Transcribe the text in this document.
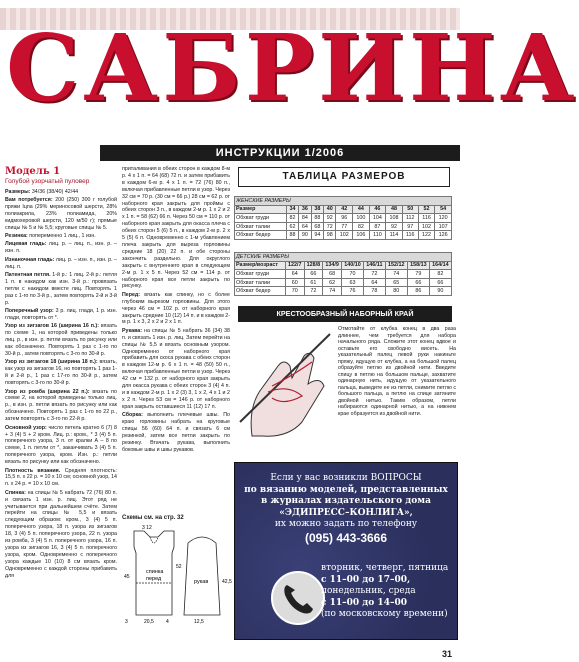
САБРИНА
ИНСТРУКЦИИ 1/2006
Модель 1
Голубой узорчатый пуловер
Размеры: 34/36 (38/40) 42/44
Вам потребуется: 200 (250) 300 г голубой пряжи Іцпа (29% мериносовой шерсти, 28% полиакрила, 23% полиамида, 20% кидмохеровой шерсти, 120 м/50 г); прямые спицы № 5 и № 5,5; круговые спицы № 5.
Резинка: попеременно 1 лиц., 1 изн.
Лицевая гладь: лиц. р. – лиц. п., изн. р. – изн. п.
Изнаночная гладь: лиц. р. – изн. п., изн. р. – лиц. п.
Патентная петля. 1-й р.: 1 лиц. 2-й р.: петля 1 п. в накидом как изн. 3-й р.: провязать петли с накидом вместе лиц. Повторять 1 раз с 1-го по 3-й р., затем повторять 2-й и 3-й р.
Поперечный узор: 3 р. лиц. глади, 1 р. изн. глади, повторять от *.
Узор из зигзагов 16 (ширина 16 п.): вязать по схеме 1, на которой приведены только лиц. р., в изн. р. петли вязать по рисунку или как обозначено. Повторять 1 раз с 1-го по 30-й р., затем повторять с 3-го по 30-й р.
Узор из зигзагов 18 (ширина 18 п.): вязать, как узор из зигзагов 16, но повторять 1 раз 1-й и 2-й р., 1 раз с 17-го по 30-й р., затем повторять с 3-го по 30-й р.
Узор из ромба (ширина 22 п.): вязать по схеме 2, на которой приведены только лиц. р., в изн. р. петли вязать по рисунку или как обозначено. Повторять 1 раз с 1-го по 22 р., затем повторять с 3-го по 22-й р.
Основной узор: число петель кратно 6 (7) 8 + 3 (4) 5 + 2 кром. Лиц. р.: кром., * 3 (4) 5 п. поперечного узора, 3 п. от кралки А – 8 по схеме, 1 п. петли от *, заканчивать 3 (4) 5 п. поперечного узора, кром. Изн. р.: петли вязать по рисунку или как обозначено.
Плотность вязания. Средняя плотность: 15,5 п. х 22 р. = 10 х 10 см; основной узор, 14 п. х 24 р. = 10 х 10 см.
Спинка: на спицы № 5 набрать 72 (76) 80 п. и связать 1 изн. р. лиц. Этот ряд не учитывается при дальнейшем счёте. Затем перейти на спицы № 5,5 и вязать следующим образом: кром., 3 (4) 5 п. поперечного узора, 18 п. узора из зигзагов 18, 3 (4) 5 п. поперечного узора, 22 п. узора из ромба, 3 (4) 5 п. поперечного узора, 16 п. узора из зигзагов 16, 3 (4) 5 п. поперечного узора, кром. Одновременно с поперечного узора каждые 10 (10) 8 см вязать кром. Одновременно с каждой стороны прибавить для
приталивания в обеих сторон в каждом 8-м р. 4 х 1 п. = 64 (68) 72 п. и затем прибавить в каждом 6-м р. 4 х 1 п. = 72 (76) 80 п., включая прибавленные петли в узор. Через 32 см = 70 р. (30 см = 66 р.) 28 см = 62 р. от наборного края закрыть для проймы с обеих сторон 3 п., в каждом 2-м р. 1 х 2 и 2 х 1 п. = 58 (62) 66 п. Через 50 см = 110 р. от наборного края закрыть для окасса плеча с обеих сторон 5 (6) 5 п., в каждом 2-м р. 2 х 5 (5) 6 п. Одновременно с 1-м убавлением плеча закрыть для выреза горловины средние 18 (20) 22 п. и обе стороны закончить раздельно. Для округлого закрыть с внутреннего края в следующем 2-м р. 1 х 5 п. Через 52 см = 114 р. от наборного края все петли закрыть по рисунку.
Перед: вязать как спинку, но с более глубоким вырезом горловины. Для этого через 46 см = 102 р. от наборного края закрыть средние 10 (12) 14 п. и в каждом 2-м р. 1 х 3, 2 х 2 и 2 х 1 п.
Рукава: на спицы № 5 набрать 36 (34) 38 п. и связать 1 изн. р. лиц. Затем перейти на спицы № 5,5 и вязать основным узором. Одновременно от наборного края прибавить для скоса рукава с обеих сторон в каждом 12-м р. 6 х 1 п. = 48 (50) 50 п., включая прибавленные петли в узор. Через 42 см = 132 р. от наборного края закрыть для окасса рукава с обеих сторон 3 (4) 4 п. и в каждом 2-м р. 1 х 2 (3) 3, 1 х 2, 4 х 1 и 2 х 2 п. Через 53 см = 146 р. от наборного края закрыть оставшиеся 11 (12) 17 п.
Сборка: выполнить плечевые швы. По краю горловины набрать на круговые спицы 56 (60) 64 п. и связать 6 см резинкой, затем все петли закрыть по резинку. Втачать рукава, выполнить боковые швы и швы рукавов.
Схемы см. на стр. 32
спинка
перед	рукав
45
52
42,5
20,5
3	4	12,5
3 12
ТАБЛИЦА РАЗМЕРОВ
ЖЕНСКИЕ РАЗМЕРЫ											
Размер	34	36	38	40	42	44	46	48	50	52	54
Обхват груди	82	84	88	92	96	100	104	108	112	116	120
Обхват талии	62	64	68	72	77	82	87	92	97	102	107
Обхват бедер	88	90	94	98	102	106	110	114	116	122	126
ДЕТСКИЕ РАЗМЕРЫ								
Размер/возраст	122/7	128/8	134/9	140/10	146/11	152/12	158/13	164/14
Обхват груди	64	66	68	70	72	74	79	82
Обхват талии	60	61	62	63	64	65	66	66
Обхват бедер	70	72	74	76	78	80	86	90
КРЕСТООБРАЗНЫЙ НАБОРНЫЙ КРАЙ
Отмотайте от клубка конец в два раза длиннее, чем требуется для набора начального ряда. Сложите этот конец вдвое и оставьте его свободно висеть. На указательный палец левой руки накиньте пряжу, идущую от клубка, а на большой палец образуйте петлю из двойной нити. Введите спицу в петлю на большом пальце, захватите одинарную нить, идущую от указательного пальца, выведите ее из петли, снимите петлю с большого пальца, а петлю на спице затяните двойной нитью. Таким образом, петли набираются одинарной нитью, а на нижнем крае образуется из двойной нити.
Если у вас возникли ВОПРОСЫ
по вязанию моделей, представленных
в журналах издательского дома
«ЭДИПРЕСС–КОНЛИГА»,
их можно задать по телефону
(095) 443-3666
вторник, четверг, пятница
с 11–00 до 17–00,
понедельник, среда
с 11–00 до 14–00
(по московскому времени)
31
